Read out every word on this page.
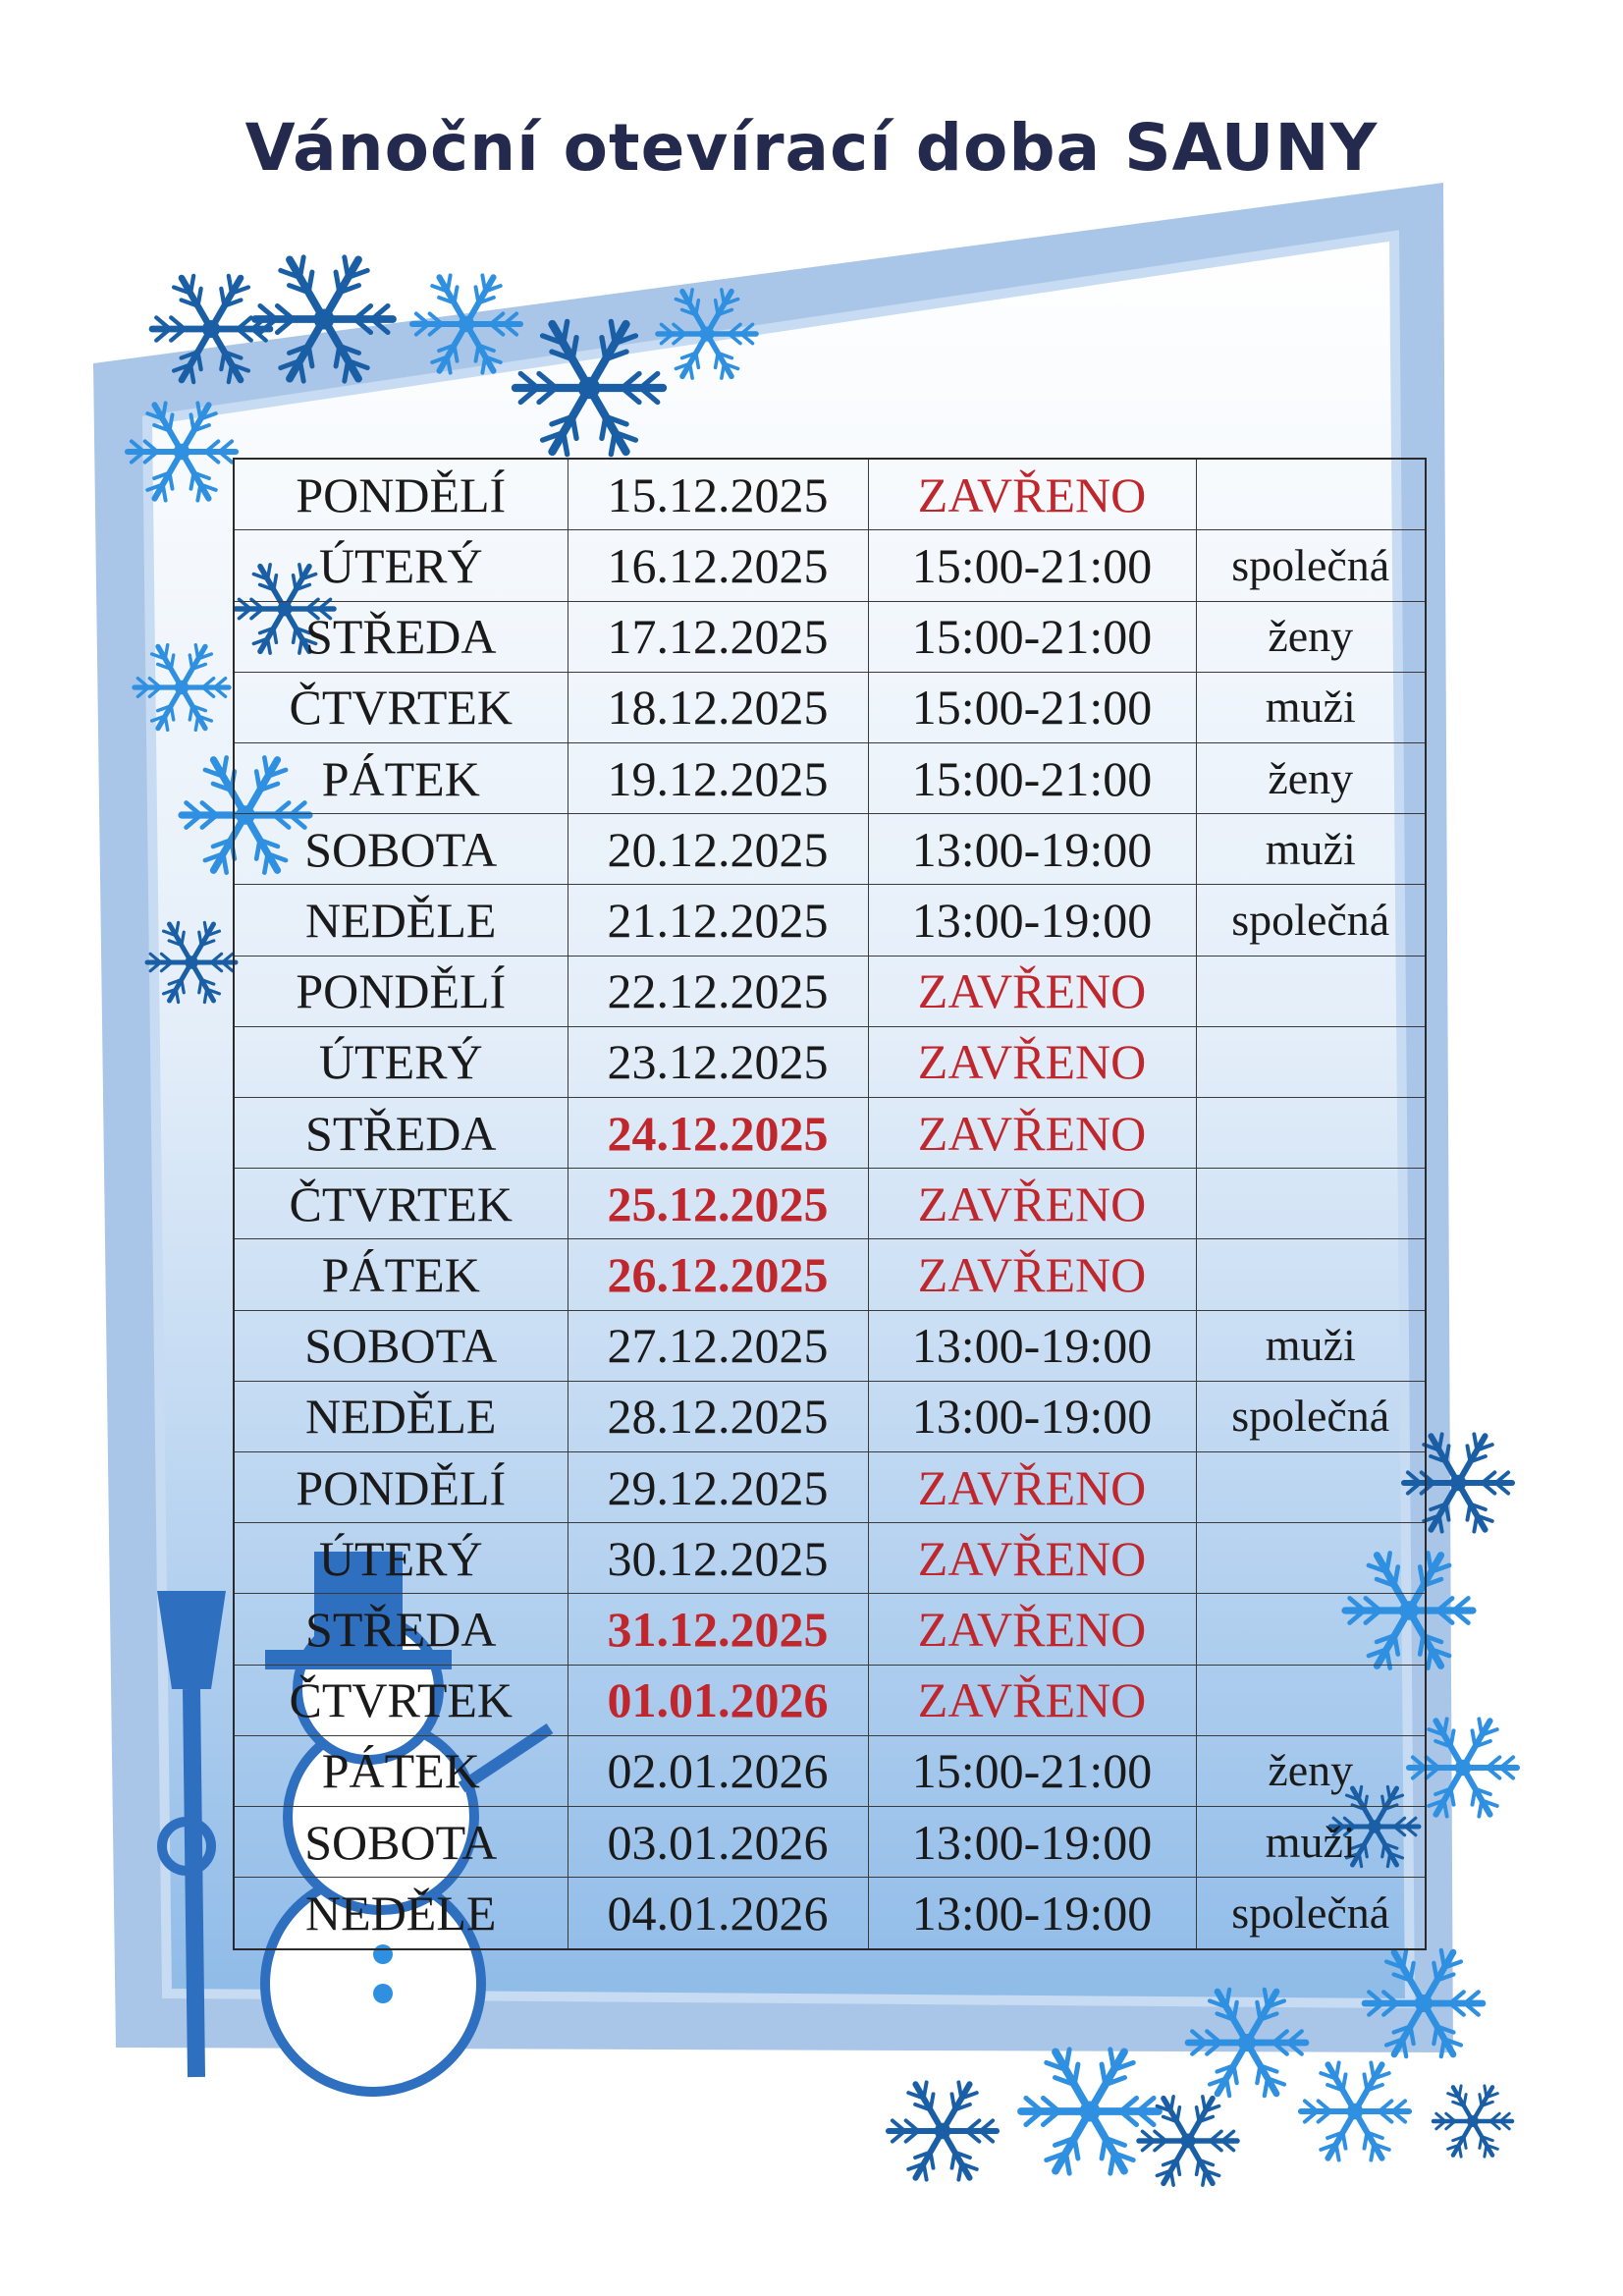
Vánoční otevírací doba SAUNY
PONDĚLÍ	15.12.2025	ZAVŘENO	
ÚTERÝ	16.12.2025	15:00-21:00	společná
STŘEDA	17.12.2025	15:00-21:00	ženy
ČTVRTEK	18.12.2025	15:00-21:00	muži
PÁTEK	19.12.2025	15:00-21:00	ženy
SOBOTA	20.12.2025	13:00-19:00	muži
NEDĚLE	21.12.2025	13:00-19:00	společná
PONDĚLÍ	22.12.2025	ZAVŘENO	
ÚTERÝ	23.12.2025	ZAVŘENO	
STŘEDA	24.12.2025	ZAVŘENO	
ČTVRTEK	25.12.2025	ZAVŘENO	
PÁTEK	26.12.2025	ZAVŘENO	
SOBOTA	27.12.2025	13:00-19:00	muži
NEDĚLE	28.12.2025	13:00-19:00	společná
PONDĚLÍ	29.12.2025	ZAVŘENO	
ÚTERÝ	30.12.2025	ZAVŘENO	
STŘEDA	31.12.2025	ZAVŘENO	
ČTVRTEK	01.01.2026	ZAVŘENO	
PÁTEK	02.01.2026	15:00-21:00	ženy
SOBOTA	03.01.2026	13:00-19:00	muži
NEDĚLE	04.01.2026	13:00-19:00	společná
